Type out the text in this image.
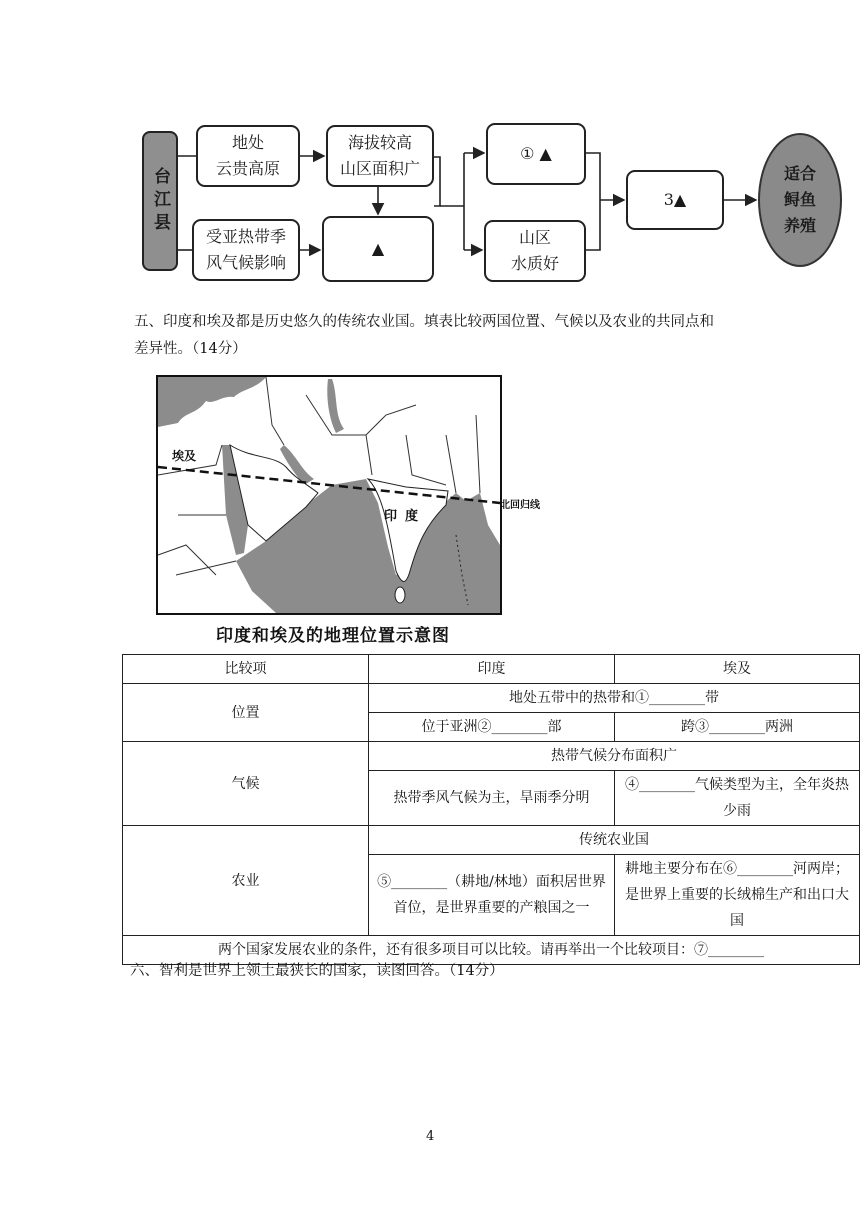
台江县
地处
云贵高原
受亚热带季
风气候影响
海拔较高
山区面积广
▲
① ▲
山区
水质好
3▲
适合
鲟鱼
养殖
五、印度和埃及都是历史悠久的传统农业国。填表比较两国位置、气候以及农业的共同点和
差异性。（14分）
埃及
印度
北回归线
印度和埃及的地理位置示意图
比较项	印度	埃及
位置	地处五带中的热带和①________带	
	位于亚洲②________部	跨③________两洲
气候	热带气候分布面积广	
	热带季风气候为主，旱雨季分明	④________气候类型为主，全年炎热少雨
农业	传统农业国	
	⑤________（耕地/林地）面积居世界首位，是世界重要的产粮国之一	耕地主要分布在⑥________河两岸；是世界上重要的长绒棉生产和出口大国
两个国家发展农业的条件，还有很多项目可以比较。请再举出一个比较项目：⑦________		
六、智利是世界上领土最狭长的国家，读图回答。（14分）
4
